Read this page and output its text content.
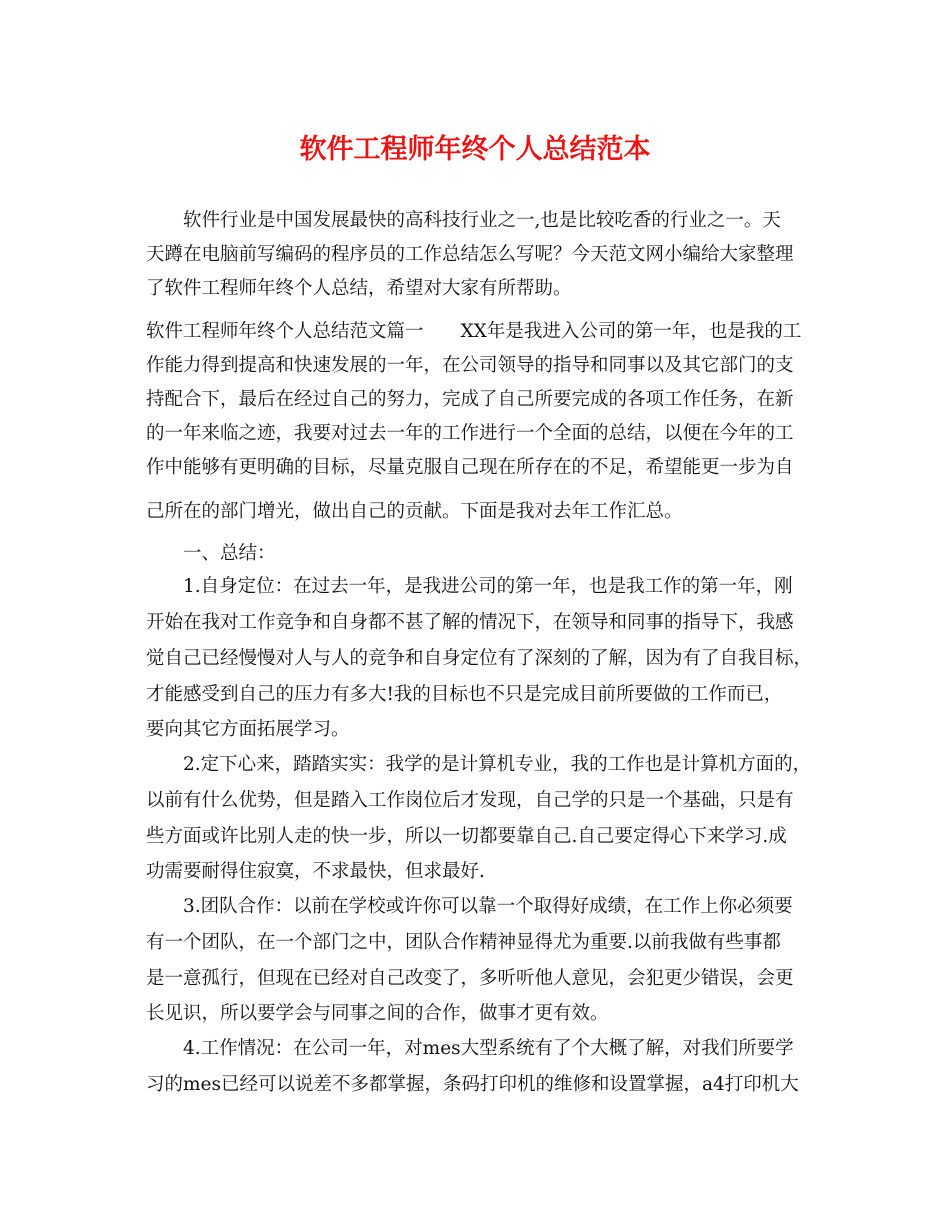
软件工程师年终个人总结范本

软件行业是中国发展最快的高科技行业之一,也是比较吃香的行业之一。天

天蹲在电脑前写编码的程序员的工作总结怎么写呢？今天范文网小编给大家整理

了软件工程师年终个人总结，希望对大家有所帮助。

软件工程师年终个人总结范文篇一　　XX年是我进入公司的第一年，也是我的工

作能力得到提高和快速发展的一年，在公司领导的指导和同事以及其它部门的支

持配合下，最后在经过自己的努力，完成了自己所要完成的各项工作任务，在新

的一年来临之迹，我要对过去一年的工作进行一个全面的总结，以便在今年的工

作中能够有更明确的目标，尽量克服自己现在所存在的不足，希望能更一步为自

己所在的部门增光，做出自己的贡献。下面是我对去年工作汇总。

一、总结：

1.自身定位：在过去一年，是我进公司的第一年，也是我工作的第一年，刚

开始在我对工作竞争和自身都不甚了解的情况下，在领导和同事的指导下，我感

觉自己已经慢慢对人与人的竞争和自身定位有了深刻的了解，因为有了自我目标，

才能感受到自己的压力有多大!我的目标也不只是完成目前所要做的工作而已，

要向其它方面拓展学习。

2.定下心来，踏踏实实：我学的是计算机专业，我的工作也是计算机方面的，

以前有什么优势，但是踏入工作岗位后才发现，自己学的只是一个基础，只是有

些方面或许比别人走的快一步，所以一切都要靠自己.自己要定得心下来学习.成

功需要耐得住寂寞，不求最快，但求最好.

3.团队合作：以前在学校或许你可以靠一个取得好成绩，在工作上你必须要

有一个团队，在一个部门之中，团队合作精神显得尤为重要.以前我做有些事都

是一意孤行，但现在已经对自己改变了，多听听他人意见，会犯更少错误，会更

长见识，所以要学会与同事之间的合作，做事才更有效。

4.工作情况：在公司一年，对mes大型系统有了个大概了解，对我们所要学

习的mes已经可以说差不多都掌握，条码打印机的维修和设置掌握，a4打印机大
